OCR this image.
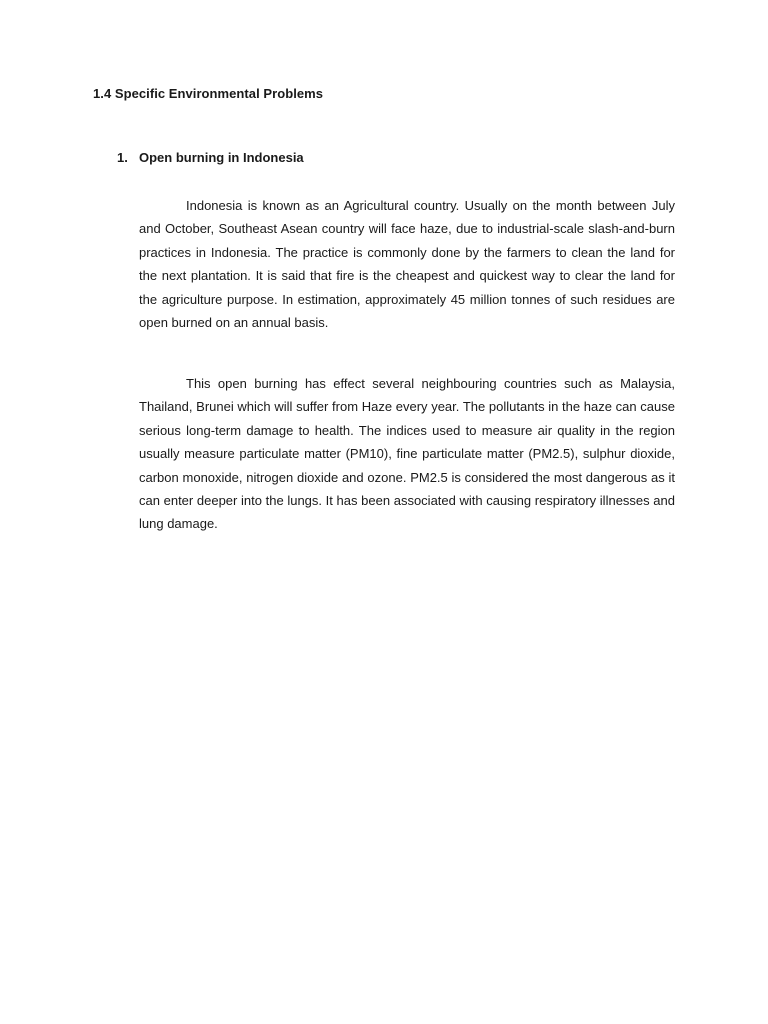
1.4 Specific Environmental Problems
1. Open burning in Indonesia

Indonesia is known as an Agricultural country. Usually on the month between July and October, Southeast Asean country will face haze, due to industrial-scale slash-and-burn practices in Indonesia. The practice is commonly done by the farmers to clean the land for the next plantation. It is said that fire is the cheapest and quickest way to clear the land for the agriculture purpose. In estimation, approximately 45 million tonnes of such residues are open burned on an annual basis.

This open burning has effect several neighbouring countries such as Malaysia, Thailand, Brunei which will suffer from Haze every year. The pollutants in the haze can cause serious long-term damage to health. The indices used to measure air quality in the region usually measure particulate matter (PM10), fine particulate matter (PM2.5), sulphur dioxide, carbon monoxide, nitrogen dioxide and ozone. PM2.5 is considered the most dangerous as it can enter deeper into the lungs. It has been associated with causing respiratory illnesses and lung damage.
